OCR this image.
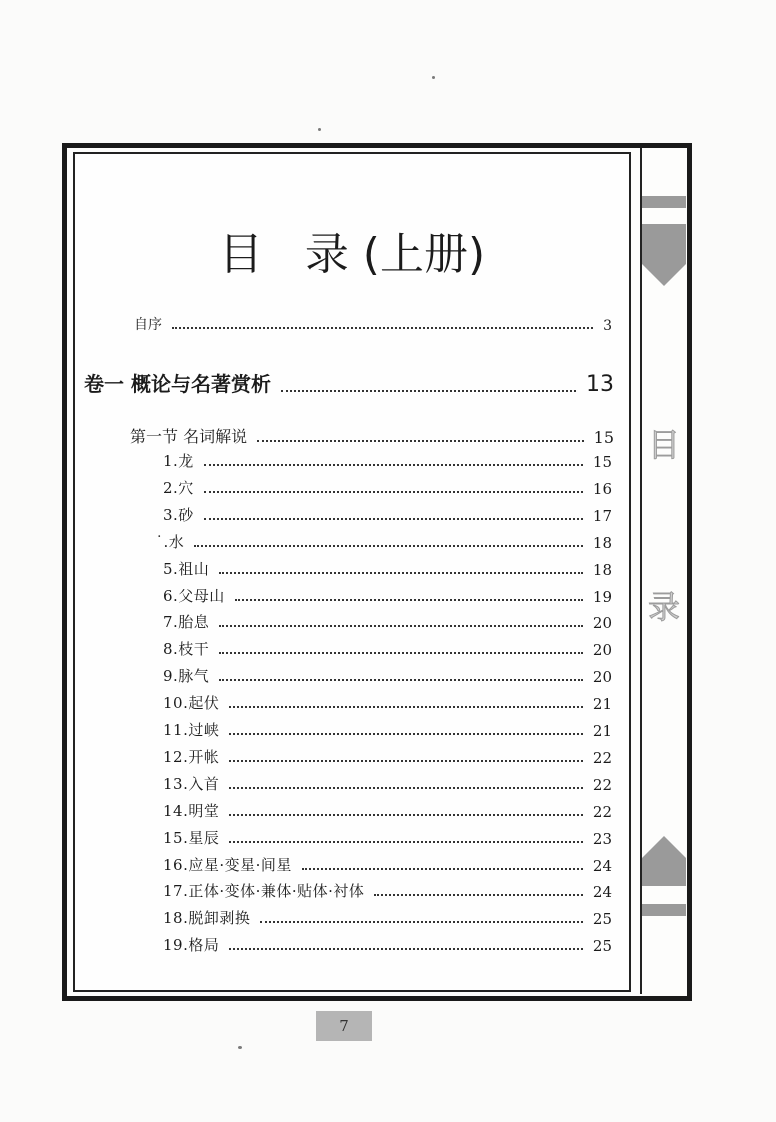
目
录
目   录 (上册)
自序	3
卷一 概论与名著赏析	13
第一节 名词解说	15
1.龙	15
2.穴	16
3.砂	17
̇.水	18
5.祖山	18
6.父母山	19
7.胎息	20
8.枝干	20
9.脉气	20
10.起伏	21
11.过峡	21
12.开帐	22
13.入首	22
14.明堂	22
15.星辰	23
16.应星·变星·间星	24
17.正体·变体·兼体·贴体·衬体	24
18.脱卸剥换	25
19.格局	25
7
